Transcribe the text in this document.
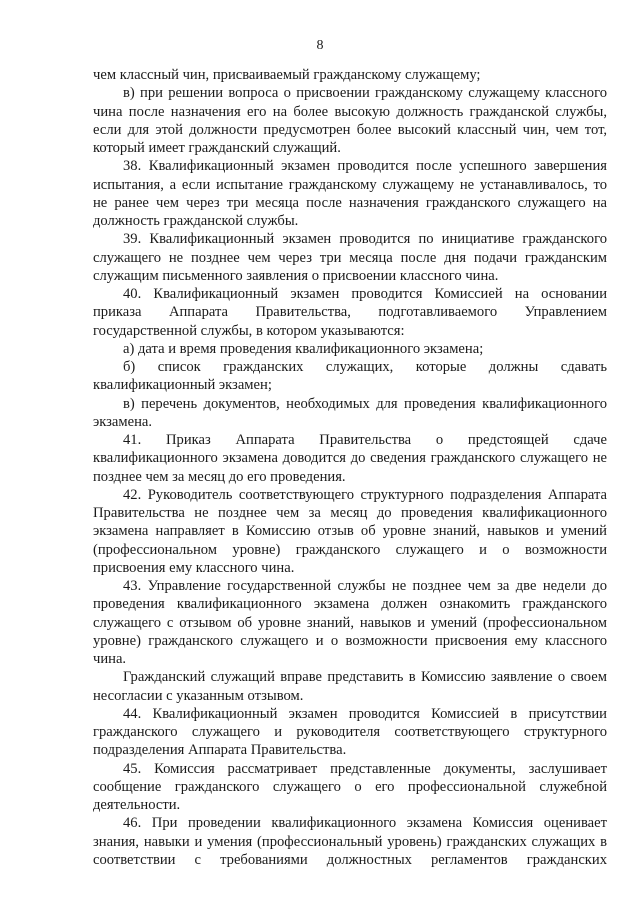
8

чем классный чин, присваиваемый гражданскому служащему;

в) при решении вопроса о присвоении гражданскому служащему классного чина после назначения его на более высокую должность гражданской службы, если для этой должности предусмотрен более высокий классный чин, чем тот, который имеет гражданский служащий.

38. Квалификационный экзамен проводится после успешного завершения испытания, а если испытание гражданскому служащему не устанавливалось, то не ранее чем через три месяца после назначения гражданского служащего на должность гражданской службы.

39. Квалификационный экзамен проводится по инициативе гражданского служащего не позднее чем через три месяца после дня подачи гражданским служащим письменного заявления о присвоении классного чина.

40. Квалификационный экзамен проводится Комиссией на основании приказа Аппарата Правительства, подготавливаемого Управлением государственной службы, в котором указываются:

а) дата и время проведения квалификационного экзамена;

б) список гражданских служащих, которые должны сдавать квалификационный экзамен;

в) перечень документов, необходимых для проведения квалификационного экзамена.

41. Приказ Аппарата Правительства о предстоящей сдаче квалификационного экзамена доводится до сведения гражданского служащего не позднее чем за месяц до его проведения.

42. Руководитель соответствующего структурного подразделения Аппарата Правительства не позднее чем за месяц до проведения квалификационного экзамена направляет в Комиссию отзыв об уровне знаний, навыков и умений (профессиональном уровне) гражданского служащего и о возможности присвоения ему классного чина.

43. Управление государственной службы не позднее чем за две недели до проведения квалификационного экзамена должен ознакомить гражданского служащего с отзывом об уровне знаний, навыков и умений (профессиональном уровне) гражданского служащего и о возможности присвоения ему классного чина.

Гражданский служащий вправе представить в Комиссию заявление о своем несогласии с указанным отзывом.

44. Квалификационный экзамен проводится Комиссией в присутствии гражданского служащего и руководителя соответствующего структурного подразделения Аппарата Правительства.

45. Комиссия рассматривает представленные документы, заслушивает сообщение гражданского служащего о его профессиональной служебной деятельности.

46. При проведении квалификационного экзамена Комиссия оценивает знания, навыки и умения (профессиональный уровень) гражданских служащих в соответствии с требованиями должностных регламентов гражданских
